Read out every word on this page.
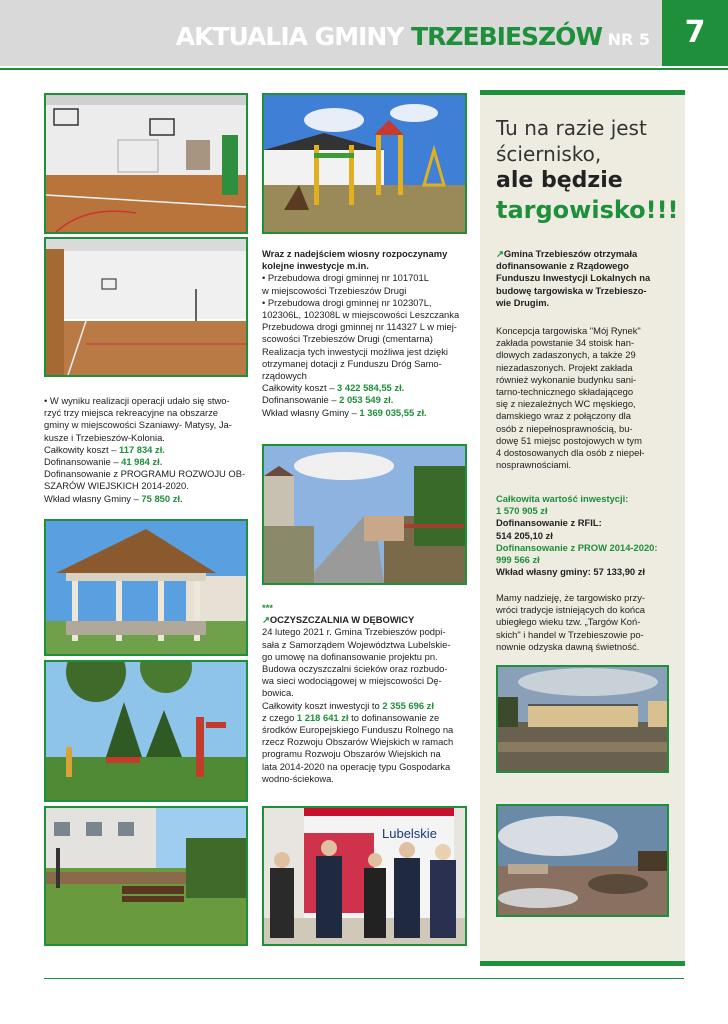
AKTUALIA GMINY TRZEBIESZÓW NR 5	7

• W wyniku realizacji operacji udało się stwo-

rzyć trzy miejsca rekreacyjne na obszarze

gminy w miejscowości Szaniawy- Matysy, Ja-

kusze i Trzebieszów-Kolonia.

Całkowity koszt – 117 834 zł.

Dofinansowanie – 41 984 zł.

Dofinansowanie z PROGRAMU ROZWOJU OB-

SZARÓW WIEJSKICH 2014-2020.

Wkład własny Gminy – 75 850 zł.

Wraz z nadejściem wiosny rozpoczynamy

kolejne inwestycje m.in.

• Przebudowa drogi gminnej nr 101701L

w miejscowości Trzebieszów Drugi

• Przebudowa drogi gminnej nr 102307L,

102306L, 102308L w miejscowości Leszczanka

Przebudowa drogi gminnej nr 114327 L w miej-

scowości Trzebieszów Drugi (cmentarna)

Realizacja tych inwestycji możliwa jest dzięki

otrzymanej dotacji z Funduszu Dróg Samo-

rządowych

Całkowity koszt – 3 422 584,55 zł.

Dofinansowanie – 2 053 549 zł.

Wkład własny Gminy – 1 369 035,55 zł.

***

↗OCZYSZCZALNIA W DĘBOWICY

24 lutego 2021 r. Gmina Trzebieszów podpi-

sała z Samorządem Województwa Lubelskie-

go umowę na dofinansowanie projektu pn.

Budowa oczyszczalni ścieków oraz rozbudo-

wa sieci wodociągowej w miejscowości Dę-

bowica.

Całkowity koszt inwestycji to 2 355 696 zł

z czego 1 218 641 zł to dofinansowanie ze

środków Europejskiego Funduszu Rolnego na

rzecz Rozwoju Obszarów Wiejskich w ramach

programu Rozwoju Obszarów Wiejskich na

lata 2014-2020 na operację typu Gospodarka

wodno-ściekowa.

Lubelskie
Tu na razie jest
ściernisko,
ale będzie
targowisko!!!

↗Gmina Trzebieszów otrzymała

dofinansowanie z Rządowego

Funduszu Inwestycji Lokalnych na

budowę targowiska w Trzebieszo-

wie Drugim.

Koncepcja targowiska "Mój Rynek"

zakłada powstanie 34 stoisk han-

dlowych zadaszonych, a także 29

niezadaszonych. Projekt zakłada

również wykonanie budynku sani-

tarno-technicznego składającego

się z niezależnych WC męskiego,

damskiego wraz z połączony dla

osób z niepełnosprawnością, bu-

dowę 51 miejsc postojowych w tym

4 dostosowanych dla osób z niepeł-

nosprawnościami.

Całkowita wartość inwestycji:

1 570 905 zł

Dofinansowanie z RFIL:

514 205,10 zł

Dofinansowanie z PROW 2014-2020:

999 566 zł

Wkład własny gminy: 57 133,90 zł

Mamy nadzieję, że targowisko przy-

wróci tradycje istniejących do końca

ubiegłego wieku tzw. „Targów Koń-

skich" i handel w Trzebieszowie po-

nownie odzyska dawną świetność.
